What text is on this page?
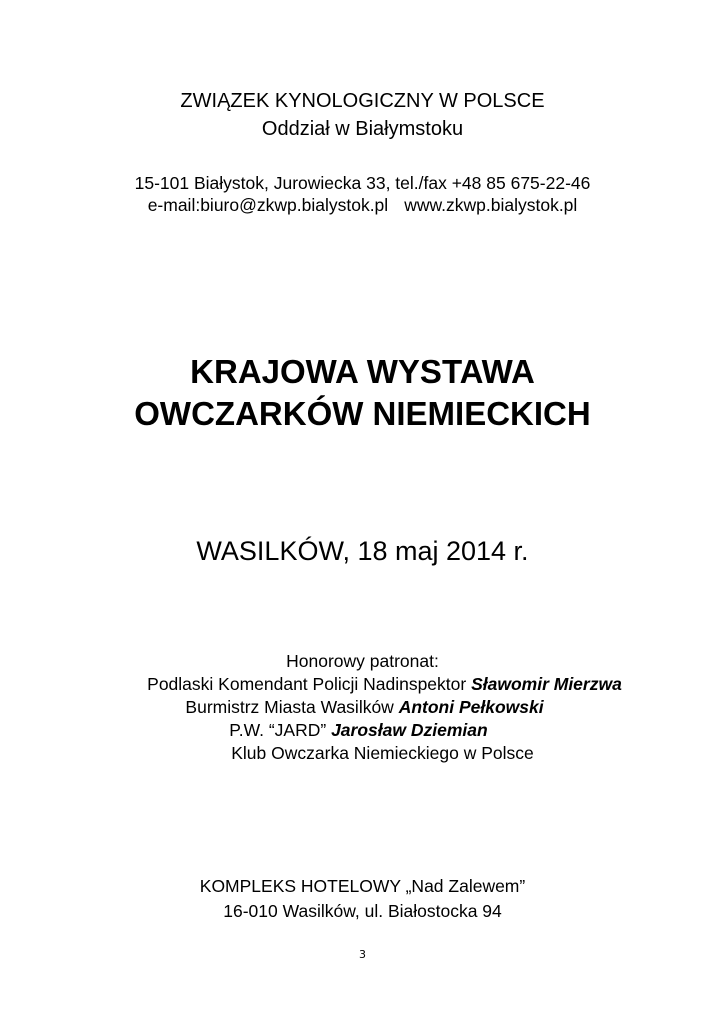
ZWIĄZEK KYNOLOGICZNY W POLSCE

Oddział w Białymstoku

15-101 Białystok, Jurowiecka 33, tel./fax +48 85 675-22-46

e-mail:biuro@zkwp.bialystok.pl www.zkwp.bialystok.pl

KRAJOWA WYSTAWA
OWCZARKÓW NIEMIECKICH

WASILKÓW, 18 maj 2014 r.

Honorowy patronat:

Podlaski Komendant Policji Nadinspektor Sławomir Mierzwa

Burmistrz Miasta Wasilków Antoni Pełkowski

P.W. “JARD” Jarosław Dziemian

Klub Owczarka Niemieckiego w Polsce

KOMPLEKS HOTELOWY „Nad Zalewem”

16-010 Wasilków, ul. Białostocka 94

3
